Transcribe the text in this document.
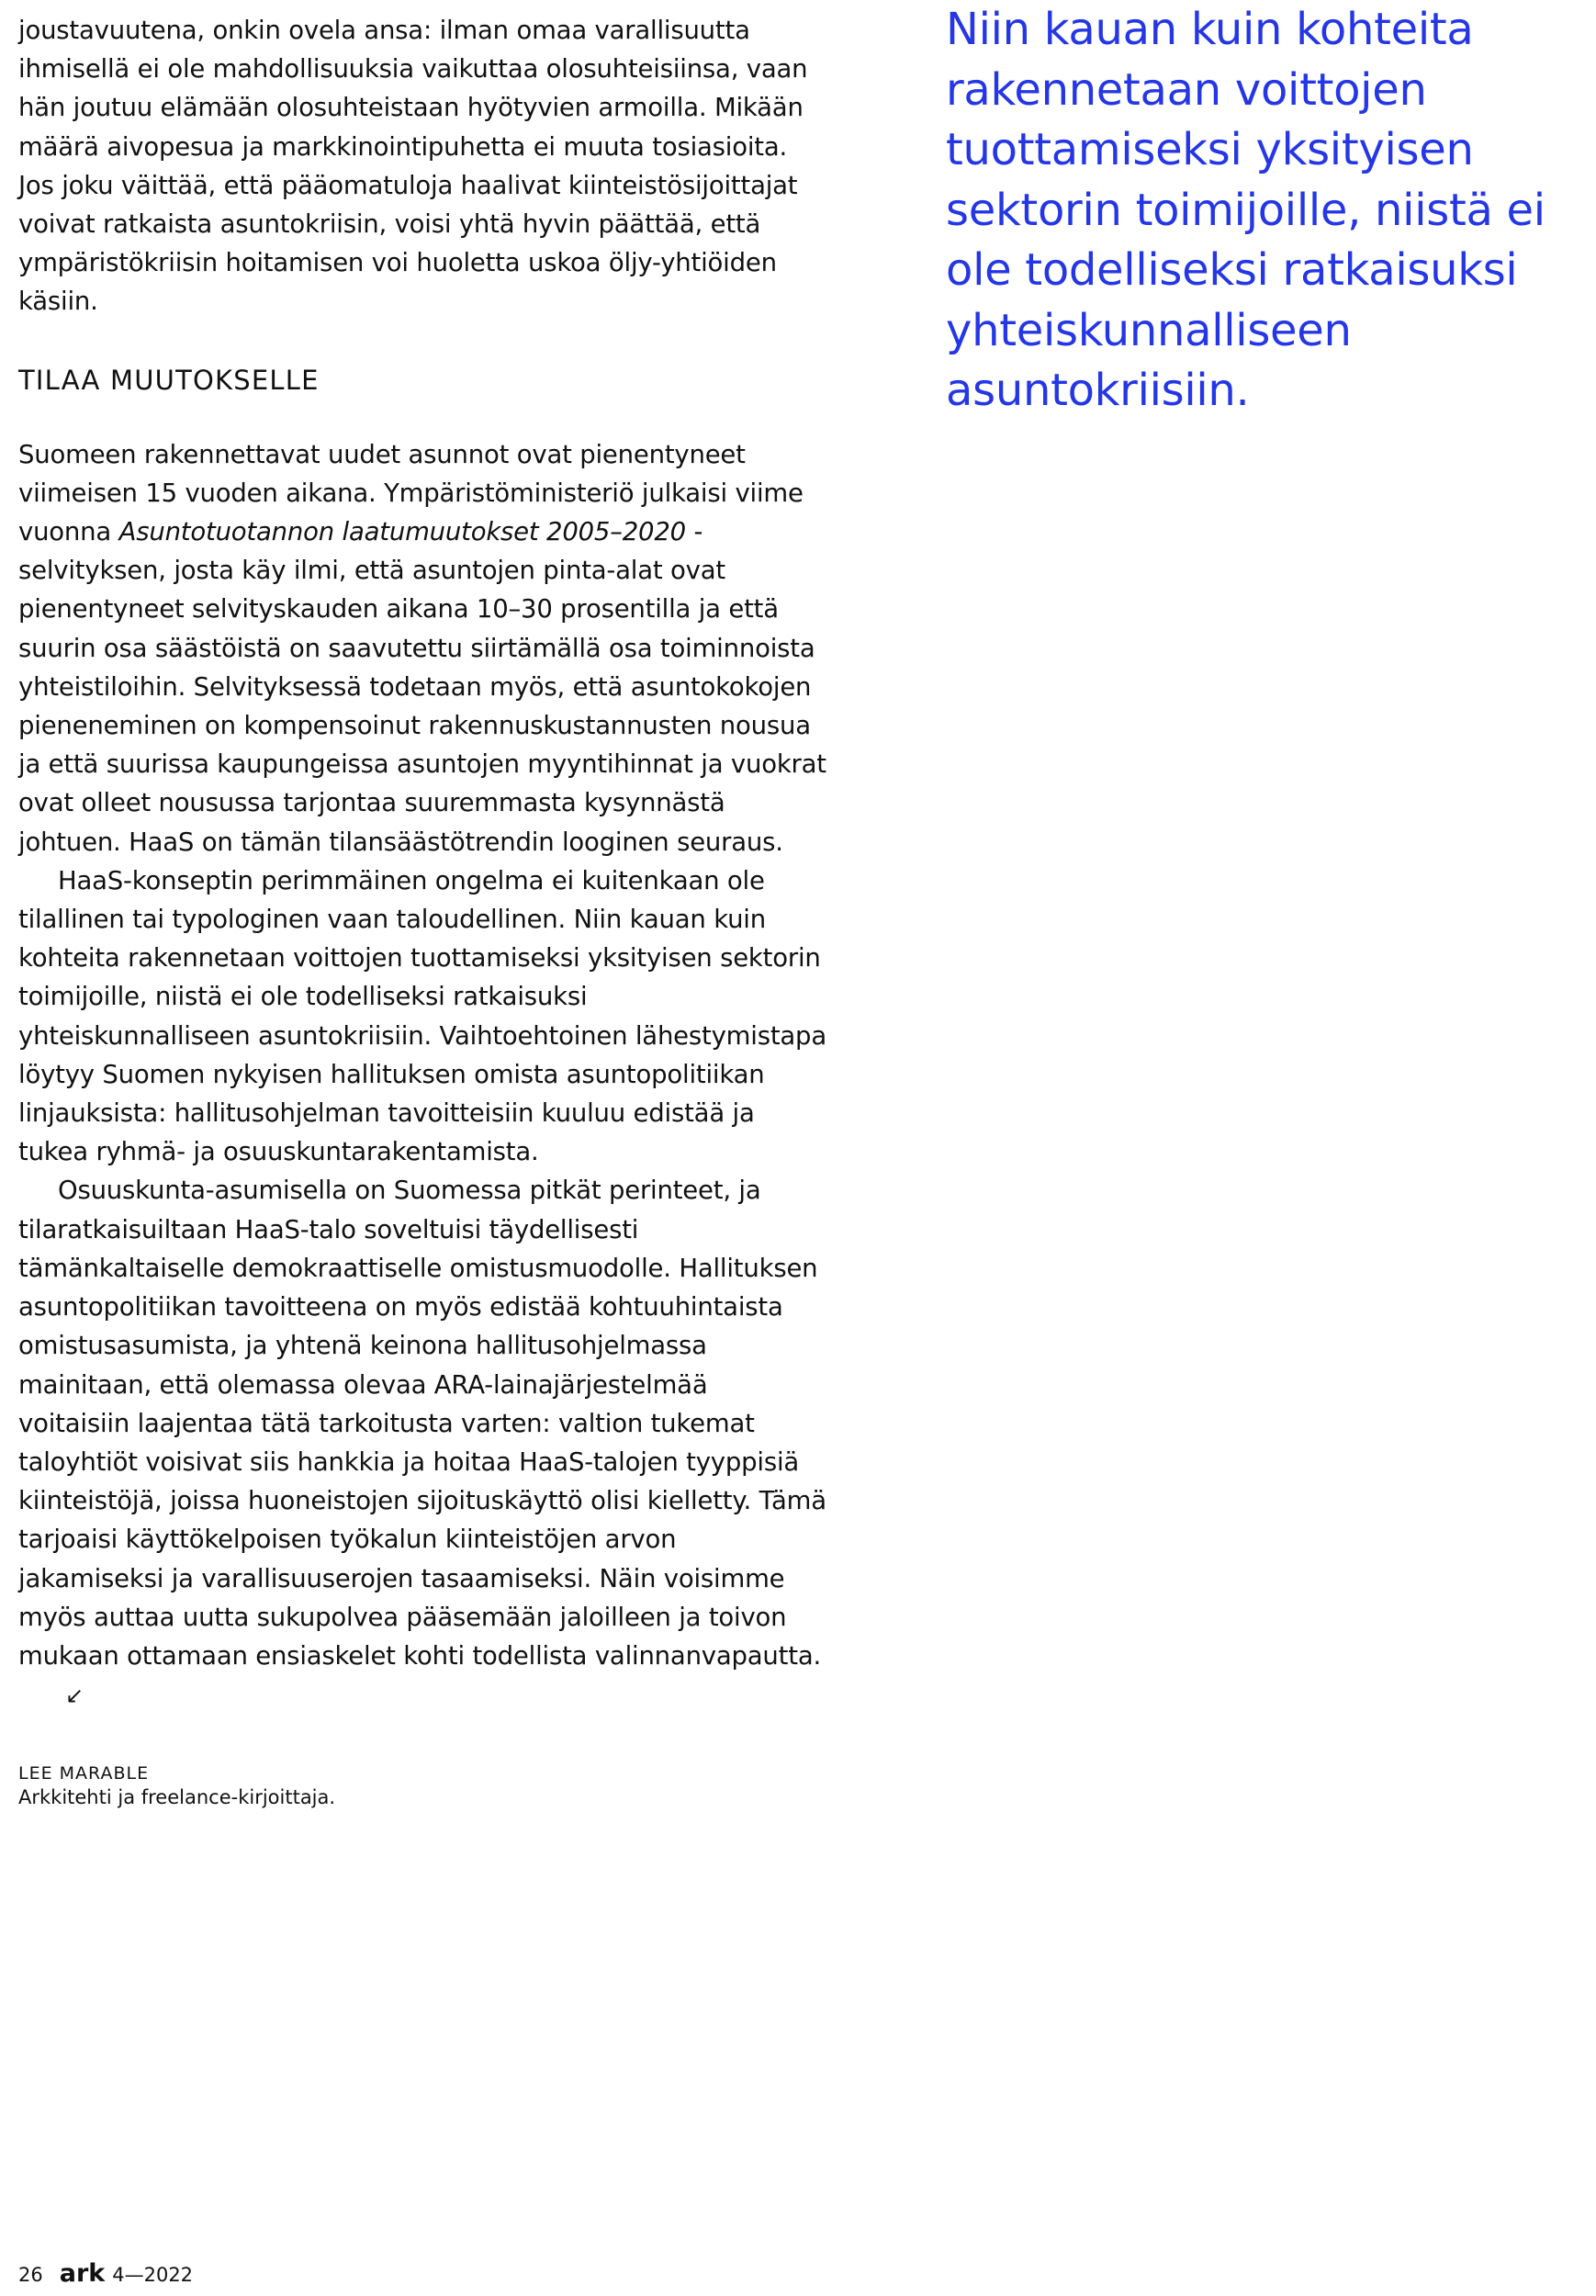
joustavuutena, onkin ovela ansa: ilman omaa varallisuutta ihmisellä ei ole mahdollisuuksia vaikuttaa olosuhteisiinsa, vaan hän joutuu elämään olosuhteistaan hyötyvien armoilla. Mikään määrä aivopesua ja markkinointipuhetta ei muuta tosiasioita. Jos joku väittää, että pääomatuloja haalivat kiinteistösijoittajat voivat ratkaista asuntokriisin, voisi yhtä hyvin päättää, että ympäristökriisin hoitamisen voi huoletta uskoa öljy-yhtiöiden käsiin.

TILAA MUUTOKSELLE

Suomeen rakennettavat uudet asunnot ovat pienentyneet viimeisen 15 vuoden aikana. Ympäristöministeriö julkaisi viime vuonna Asuntotuotannon laatumuutokset 2005–2020 -selvityksen, josta käy ilmi, että asuntojen pinta-alat ovat pienentyneet selvityskauden aikana 10–30 prosentilla ja että suurin osa säästöistä on saavutettu siirtämällä osa toiminnoista yhteistiloihin. Selvityksessä todetaan myös, että asuntokokojen pieneneminen on kompensoinut rakennuskustannusten nousua ja että suurissa kaupungeissa asuntojen myyntihinnat ja vuokrat ovat olleet nousussa tarjontaa suuremmasta kysynnästä johtuen. HaaS on tämän tilansäästötrendin looginen seuraus.

HaaS-konseptin perimmäinen ongelma ei kuitenkaan ole tilallinen tai typologinen vaan taloudellinen. Niin kauan kuin kohteita rakennetaan voittojen tuottamiseksi yksityisen sektorin toimijoille, niistä ei ole todelliseksi ratkaisuksi yhteiskunnalliseen asuntokriisiin. Vaihtoehtoinen lähestymistapa löytyy Suomen nykyisen hallituksen omista asuntopolitiikan linjauksista: hallitusohjelman tavoitteisiin kuuluu edistää ja tukea ryhmä- ja osuuskuntarakentamista.

Osuuskunta-asumisella on Suomessa pitkät perinteet, ja tilaratkaisuiltaan HaaS-talo soveltuisi täydellisesti tämänkaltaiselle demokraattiselle omistusmuodolle. Hallituksen asuntopolitiikan tavoitteena on myös edistää kohtuuhintaista omistusasumista, ja yhtenä keinona hallitusohjelmassa mainitaan, että olemassa olevaa ARA-lainajärjestelmää voitaisiin laajentaa tätä tarkoitusta varten: valtion tukemat taloyhtiöt voisivat siis hankkia ja hoitaa HaaS-talojen tyyppisiä kiinteistöjä, joissa huoneistojen sijoituskäyttö olisi kielletty. Tämä tarjoaisi käyttökelpoisen työkalun kiinteistöjen arvon jakamiseksi ja varallisuuserojen tasaamiseksi. Näin voisimme myös auttaa uutta sukupolvea pääsemään jaloilleen ja toivon mukaan ottamaan ensiaskelet kohti todellista valinnanvapautta.↙

LEE MARABLE
Arkkitehti ja freelance-kirjoittaja.

Niin kauan kuin kohteita rakennetaan voittojen tuottamiseksi yksityisen sektorin toimijoille, niistä ei ole todelliseksi ratkaisuksi yhteiskunnalliseen asuntokriisiin.

26 ark 4—2022
